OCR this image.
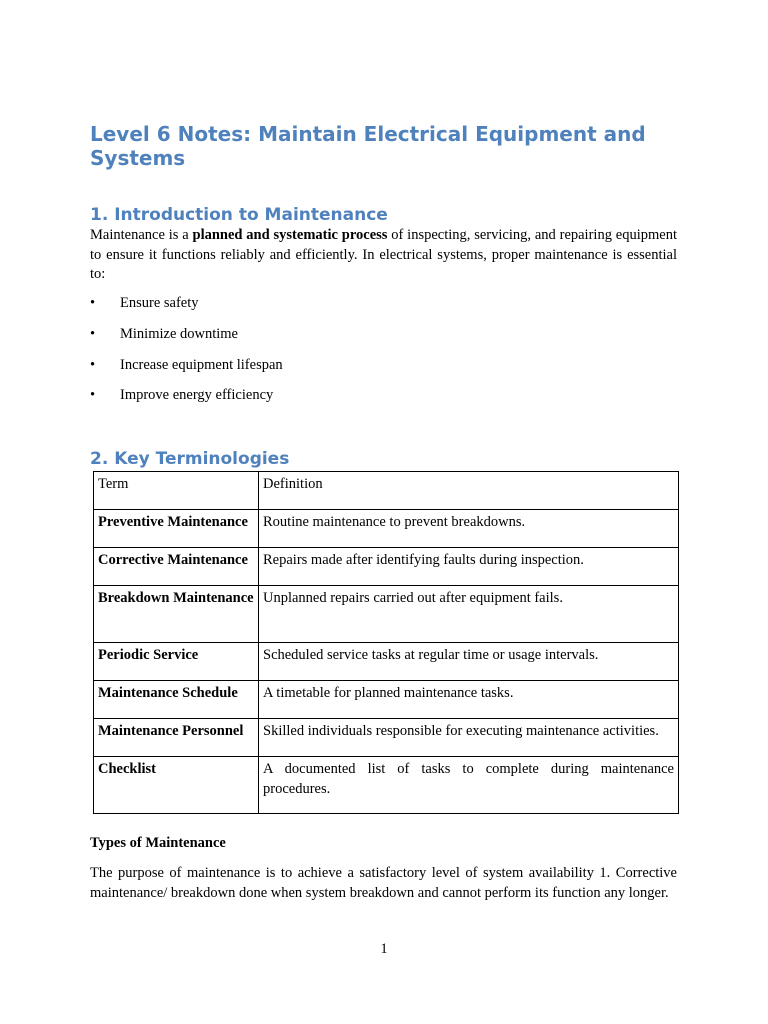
Level 6 Notes: Maintain Electrical Equipment and Systems
1. Introduction to Maintenance

Maintenance is a planned and systematic process of inspecting, servicing, and repairing equipment to ensure it functions reliably and efficiently. In electrical systems, proper maintenance is essential to:

• Ensure safety
• Minimize downtime
• Increase equipment lifespan
• Improve energy efficiency
2. Key Terminologies
Term	Definition
Preventive Maintenance	Routine maintenance to prevent breakdowns.
Corrective Maintenance	Repairs made after identifying faults during inspection.
Breakdown Maintenance	Unplanned repairs carried out after equipment fails.
Periodic Service	Scheduled service tasks at regular time or usage intervals.
Maintenance Schedule	A timetable for planned maintenance tasks.
Maintenance Personnel	Skilled individuals responsible for executing maintenance activities.
Checklist	A documented list of tasks to complete during maintenance procedures.

Types of Maintenance

The purpose of maintenance is to achieve a satisfactory level of system availability 1. Corrective maintenance/ breakdown done when system breakdown and cannot perform its function any longer.

1
